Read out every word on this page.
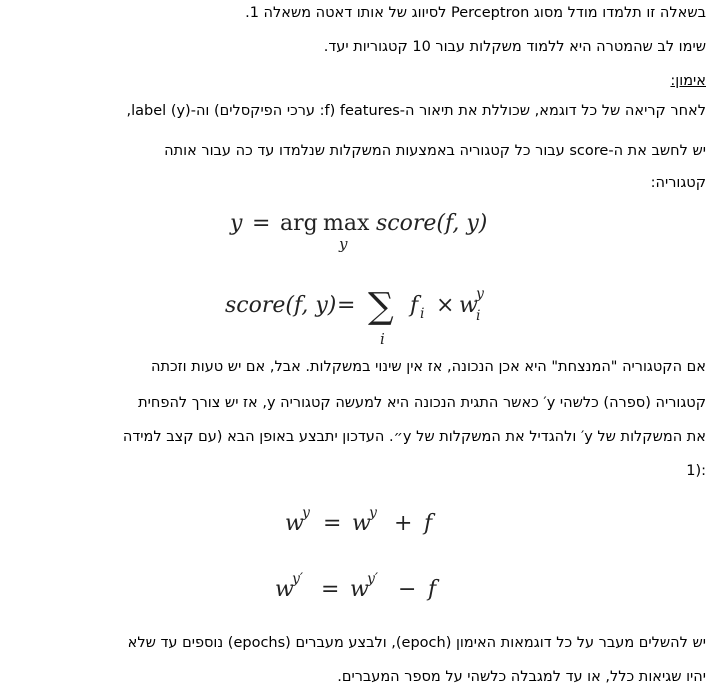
בשאלה זו תלמדו מודל מסוג Perceptron לסיווג של אותו דאטה משאלה 1.
שימו לב שהמטרה היא ללמוד משקלות עבור 10 קטגוריות יעד.
אימון:
לאחר קריאה של כל דוגמא, שכוללת את תיאור ה-features (f: ערכי הפיקסלים) וה-label (y),
יש לחשב את ה-score עבור כל קטגוריה באמצעות המשקלות שנלמדו עד כה עבור אותה
קטגוריה:
אם הקטגוריה "המנצחת" היא אכן הנכונה, אז אין שינוי במשקלות. אבל, אם יש טעות וזכתה
קטגוריה (ספרה) כלשהי y′ כאשר התגית הנכונה היא למעשה קטגוריה y, אז יש צורך להפחית
את המשקלות של y′ ולהגדיל את המשקלות של y״. העדכון יתבצע באופן הבא (עם קצב למידה
1):
יש להשלים מעבר על כל דוגמאות האימון (epoch), ולבצע מעברים (epochs) נוספים עד שלא
יהיו שגיאות כלל, או עד למגבלה כלשהי על מספר המעברים.
y = arg max
y
score(f, y)
score(f, y) = ∑
i
f i × w
y
i
w
y = w
y + f
w
y′ = w
y′ − f
